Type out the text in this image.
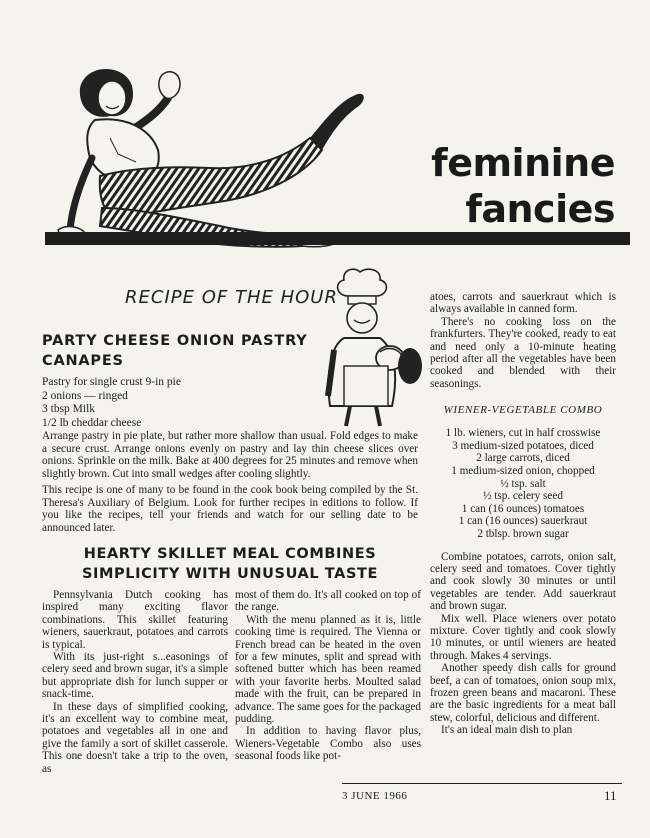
feminine
fancies
RECIPE OF THE HOUR
PARTY CHEESE ONION PASTRY CANAPES
Pastry for single crust 9-in pie
2 onions — ringed
3 tbsp Milk
1/2 lb cheddar cheese
Arrange pastry in pie plate, but rather more shallow than usual. Fold edges to make a secure crust. Arrange onions evenly on pastry and lay thin cheese slices over onions. Sprinkle on the milk. Bake at 400 degrees for 25 minutes and remove when slightly brown. Cut into small wedges after cooling slightly.
This recipe is one of many to be found in the cook book being compiled by the St. Theresa's Auxiliary of Belgium. Look for further recipes in editions to follow. If you like the recipes, tell your friends and watch for our selling date to be announced later.
HEARTY SKILLET MEAL COMBINES SIMPLICITY WITH UNUSUAL TASTE

Pennsylvania Dutch cooking has inspired many exciting flavor combinations. This skillet featuring wieners, sauerkraut, potatoes and carrots is typical.

With its just-right s...easonings of celery seed and brown sugar, it's a simple but appropriate dish for lunch supper or snack-time.

In these days of simplified cooking, it's an excellent way to combine meat, potatoes and vegetables all in one and give the family a sort of skillet casserole. This one doesn't take a trip to the oven, as

most of them do. It's all cooked on top of the range.

With the menu planned as it is, little cooking time is required. The Vienna or French bread can be heated in the oven for a few minutes, split and spread with softened butter which has been reamed with your favorite herbs. Moulted salad made with the fruit, can be prepared in advance. The same goes for the packaged pudding.

In addition to having flavor plus, Wieners-Vegetable Combo also uses seasonal foods like pot-

atoes, carrots and sauerkraut which is always available in canned form.

There's no cooking loss on the frankfurters. They're cooked, ready to eat and need only a 10-minute heating period after all the vegetables have been cooked and blended with their seasonings.

WIENER-VEGETABLE COMBO
1 lb. wieners, cut in half crosswise
3 medium-sized potatoes, diced
2 large carrots, diced
1 medium-sized onion, chopped
½ tsp. salt
½ tsp. celery seed
1 can (16 ounces) tomatoes
1 can (16 ounces) sauerkraut
2 tblsp. brown sugar

Combine potatoes, carrots, onion salt, celery seed and tomatoes. Cover tightly and cook slowly 30 minutes or until vegetables are tender. Add sauerkraut and brown sugar.

Mix well. Place wieners over potato mixture. Cover tightly and cook slowly 10 minutes, or until wieners are heated through. Makes 4 servings.

Another speedy dish calls for ground beef, a can of tomatoes, onion soup mix, frozen green beans and macaroni. These are the basic ingredients for a meat ball stew, colorful, delicious and different.

It's an ideal main dish to plan

3 JUNE 1966	11
